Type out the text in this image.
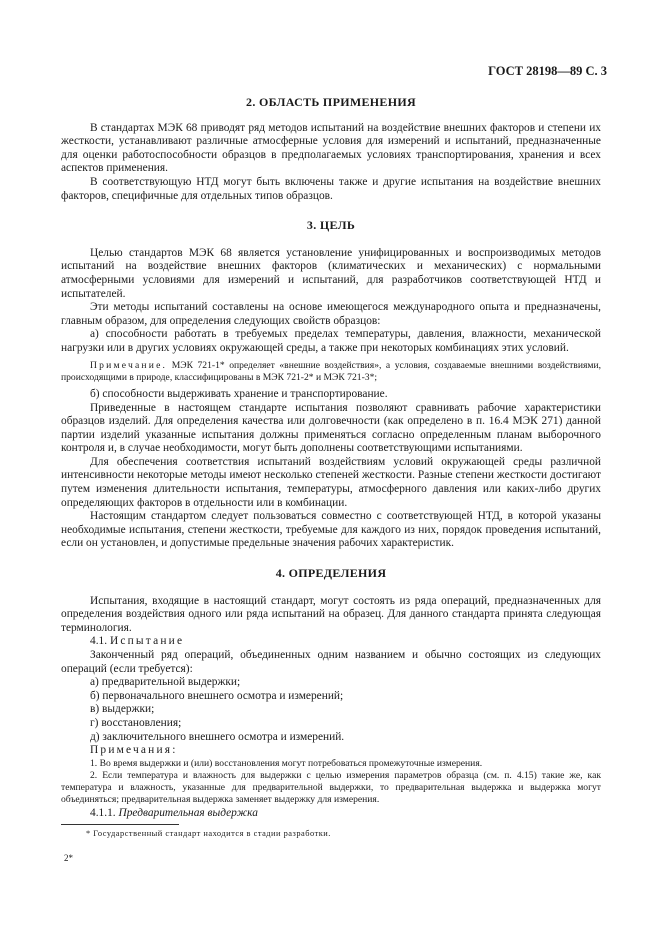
ГОСТ 28198—89 С. 3

2. ОБЛАСТЬ ПРИМЕНЕНИЯ

В стандартах МЭК 68 приводят ряд методов испытаний на воздействие внешних факторов и степени их жесткости, устанавливают различные атмосферные условия для измерений и испытаний, предназначенные для оценки работоспособности образцов в предполагаемых условиях транспортирования, хранения и всех аспектов применения.

В соответствующую НТД могут быть включены также и другие испытания на воздействие внешних факторов, специфичные для отдельных типов образцов.

3. ЦЕЛЬ

Целью стандартов МЭК 68 является установление унифицированных и воспроизводимых методов испытаний на воздействие внешних факторов (климатических и механических) с нормальными атмосферными условиями для измерений и испытаний, для разработчиков соответствующей НТД и испытателей.

Эти методы испытаний составлены на основе имеющегося международного опыта и предназначены, главным образом, для определения следующих свойств образцов:

а) способности работать в требуемых пределах температуры, давления, влажности, механической нагрузки или в других условиях окружающей среды, а также при некоторых комбинациях этих условий.

Примечание. МЭК 721-1* определяет «внешние воздействия», а условия, создаваемые внешними воздействиями, происходящими в природе, классифицированы в МЭК 721-2* и МЭК 721-3*;

б) способности выдерживать хранение и транспортирование.

Приведенные в настоящем стандарте испытания позволяют сравнивать рабочие характеристики образцов изделий. Для определения качества или долговечности (как определено в п. 16.4 МЭК 271) данной партии изделий указанные испытания должны применяться согласно определенным планам выборочного контроля и, в случае необходимости, могут быть дополнены соответствующими испытаниями.

Для обеспечения соответствия испытаний воздействиям условий окружающей среды различной интенсивности некоторые методы имеют несколько степеней жесткости. Разные степени жесткости достигают путем изменения длительности испытания, температуры, атмосферного давления или каких-либо других определяющих факторов в отдельности или в комбинации.

Настоящим стандартом следует пользоваться совместно с соответствующей НТД, в которой указаны необходимые испытания, степени жесткости, требуемые для каждого из них, порядок проведения испытаний, если он установлен, и допустимые предельные значения рабочих характеристик.

4. ОПРЕДЕЛЕНИЯ

Испытания, входящие в настоящий стандарт, могут состоять из ряда операций, предназначенных для определения воздействия одного или ряда испытаний на образец. Для данного стандарта принята следующая терминология.

4.1. Испытание

Законченный ряд операций, объединенных одним названием и обычно состоящих из следующих операций (если требуется):

а) предварительной выдержки;

б) первоначального внешнего осмотра и измерений;

в) выдержки;

г) восстановления;

д) заключительного внешнего осмотра и измерений.

Примечания:

1. Во время выдержки и (или) восстановления могут потребоваться промежуточные измерения.

2. Если температура и влажность для выдержки с целью измерения параметров образца (см. п. 4.15) такие же, как температура и влажность, указанные для предварительной выдержки, то предварительная выдержка и выдержка могут объединяться; предварительная выдержка заменяет выдержку для измерения.

4.1.1. Предварительная выдержка

* Государственный стандарт находится в стадии разработки.
2*
